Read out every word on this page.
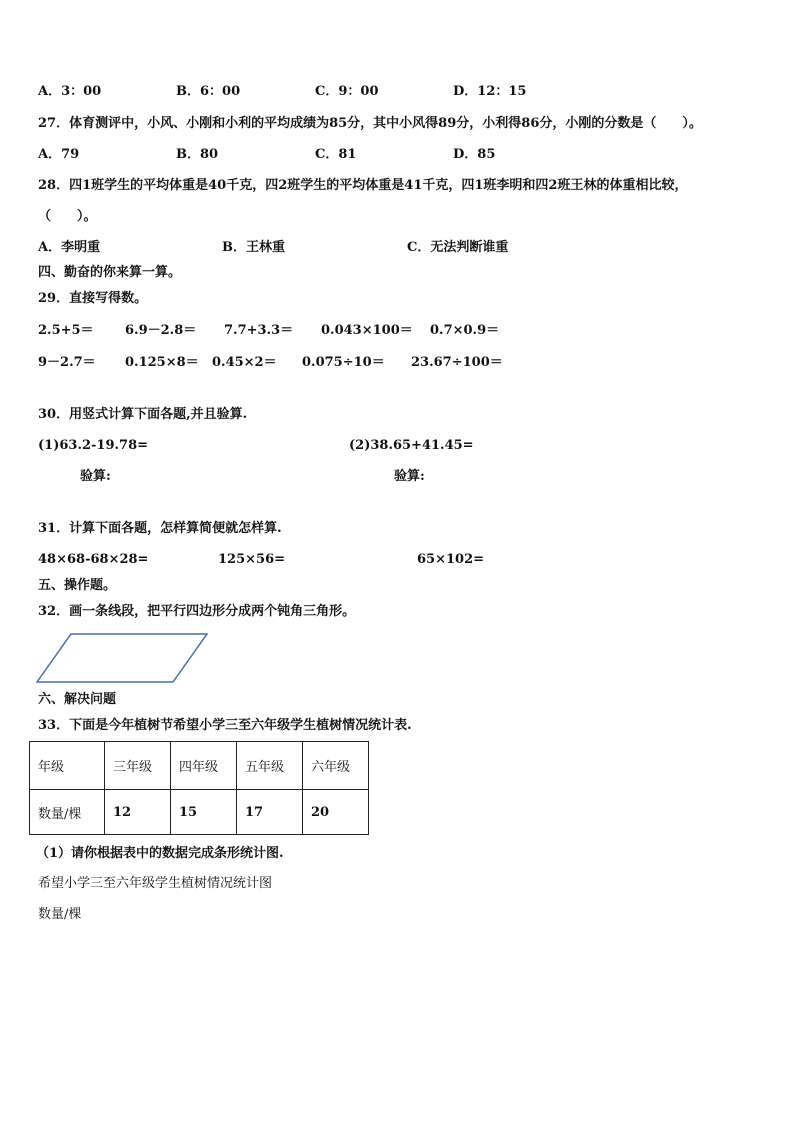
A．3：00	B．6：00	C．9：00	D．12：15
27．体育测评中，小风、小刚和小利的平均成绩为85分，其中小风得89分，小利得86分，小刚的分数是（　　）。
A．79	B．80	C．81	D．85
28．四1班学生的平均体重是40千克，四2班学生的平均体重是41千克，四1班李明和四2班王林的体重相比较，
（　　）。
A．李明重	B．王林重	C．无法判断谁重
四、勤奋的你来算一算。
29．直接写得数。
2.5+5＝ 6.9－2.8＝ 7.7+3.3＝ 0.043×100＝ 0.7×0.9＝
9－2.7＝ 0.125×8＝ 0.45×2＝ 0.075÷10＝ 23.67÷100＝
30．用竖式计算下面各题,并且验算.
(1)63.2-19.78=	(2)38.65+41.45=
验算:	验算:
31．计算下面各题，怎样算简便就怎样算.
48×68-68×28=	125×56=	65×102=
五、操作题。
32．画一条线段，把平行四边形分成两个钝角三角形。
六、解决问题
33．下面是今年植树节希望小学三至六年级学生植树情况统计表.
年级	三年级	四年级	五年级	六年级
数量/棵	12	15	17	20
（1）请你根据表中的数据完成条形统计图.
希望小学三至六年级学生植树情况统计图
数量/棵
